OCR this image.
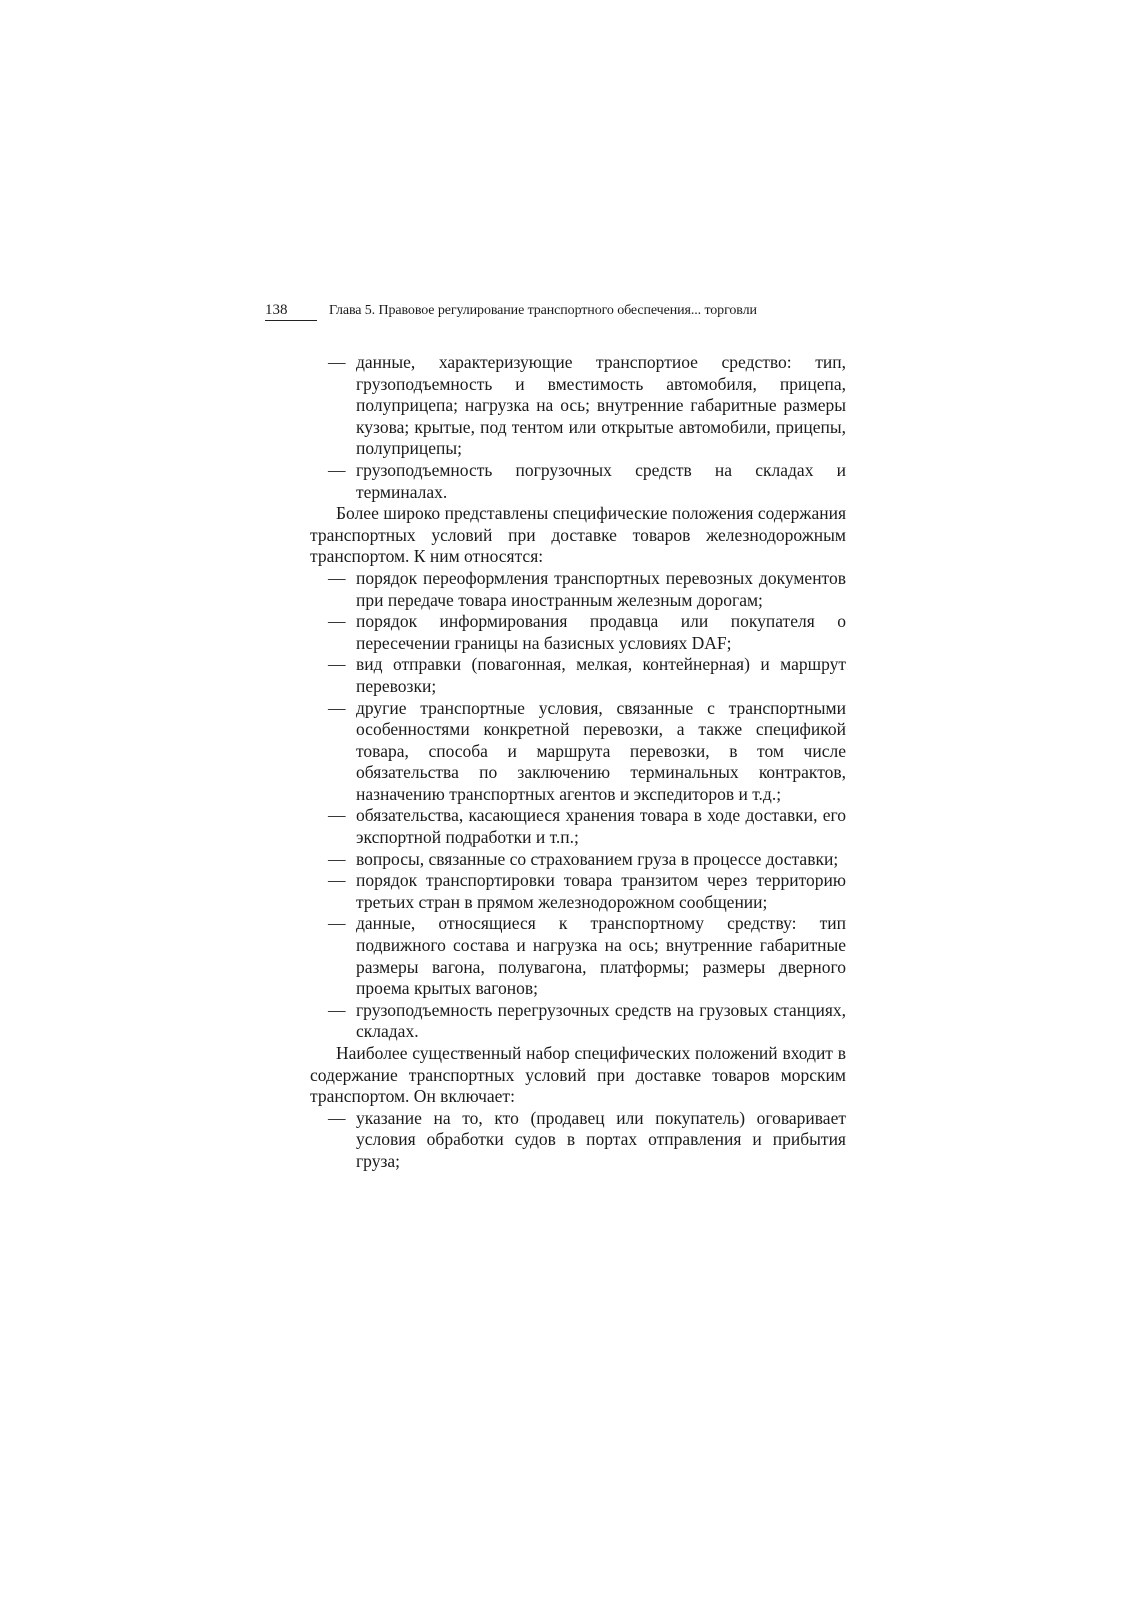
138	Глава 5. Правовое регулирование транспортного обеспечения... торговли
— данные, характеризующие транспортиое средство: тип, грузоподъемность и вместимость автомобиля, прицепа, полуприцепа; нагрузка на ось; внутренние габаритные размеры кузова; крытые, под тентом или открытые автомобили, прицепы, полуприцепы;
— грузоподъемность погрузочных средств на складах и терминалах.

Более широко представлены специфические положения содержания транспортных условий при доставке товаров железнодорожным транспортом. К ним относятся:

— порядок переоформления транспортных перевозных документов при передаче товара иностранным железным дорогам;
— порядок информирования продавца или покупателя о пересечении границы на базисных условиях DAF;
— вид отправки (повагонная, мелкая, контейнерная) и маршрут перевозки;
— другие транспортные условия, связанные с транспортными особенностями конкретной перевозки, а также спецификой товара, способа и маршрута перевозки, в том числе обязательства по заключению терминальных контрактов, назначению транспортных агентов и экспедиторов и т.д.;
— обязательства, касающиеся хранения товара в ходе доставки, его экспортной подработки и т.п.;
— вопросы, связанные со страхованием груза в процессе доставки;
— порядок транспортировки товара транзитом через территорию третьих стран в прямом железнодорожном сообщении;
— данные, относящиеся к транспортному средству: тип подвижного состава и нагрузка на ось; внутренние габаритные размеры вагона, полувагона, платформы; размеры дверного проема крытых вагонов;
— грузоподъемность перегрузочных средств на грузовых станциях, складах.

Наиболее существенный набор специфических положений входит в содержание транспортных условий при доставке товаров морским транспортом. Он включает:

— указание на то, кто (продавец или покупатель) оговаривает условия обработки судов в портах отправления и прибытия груза;
